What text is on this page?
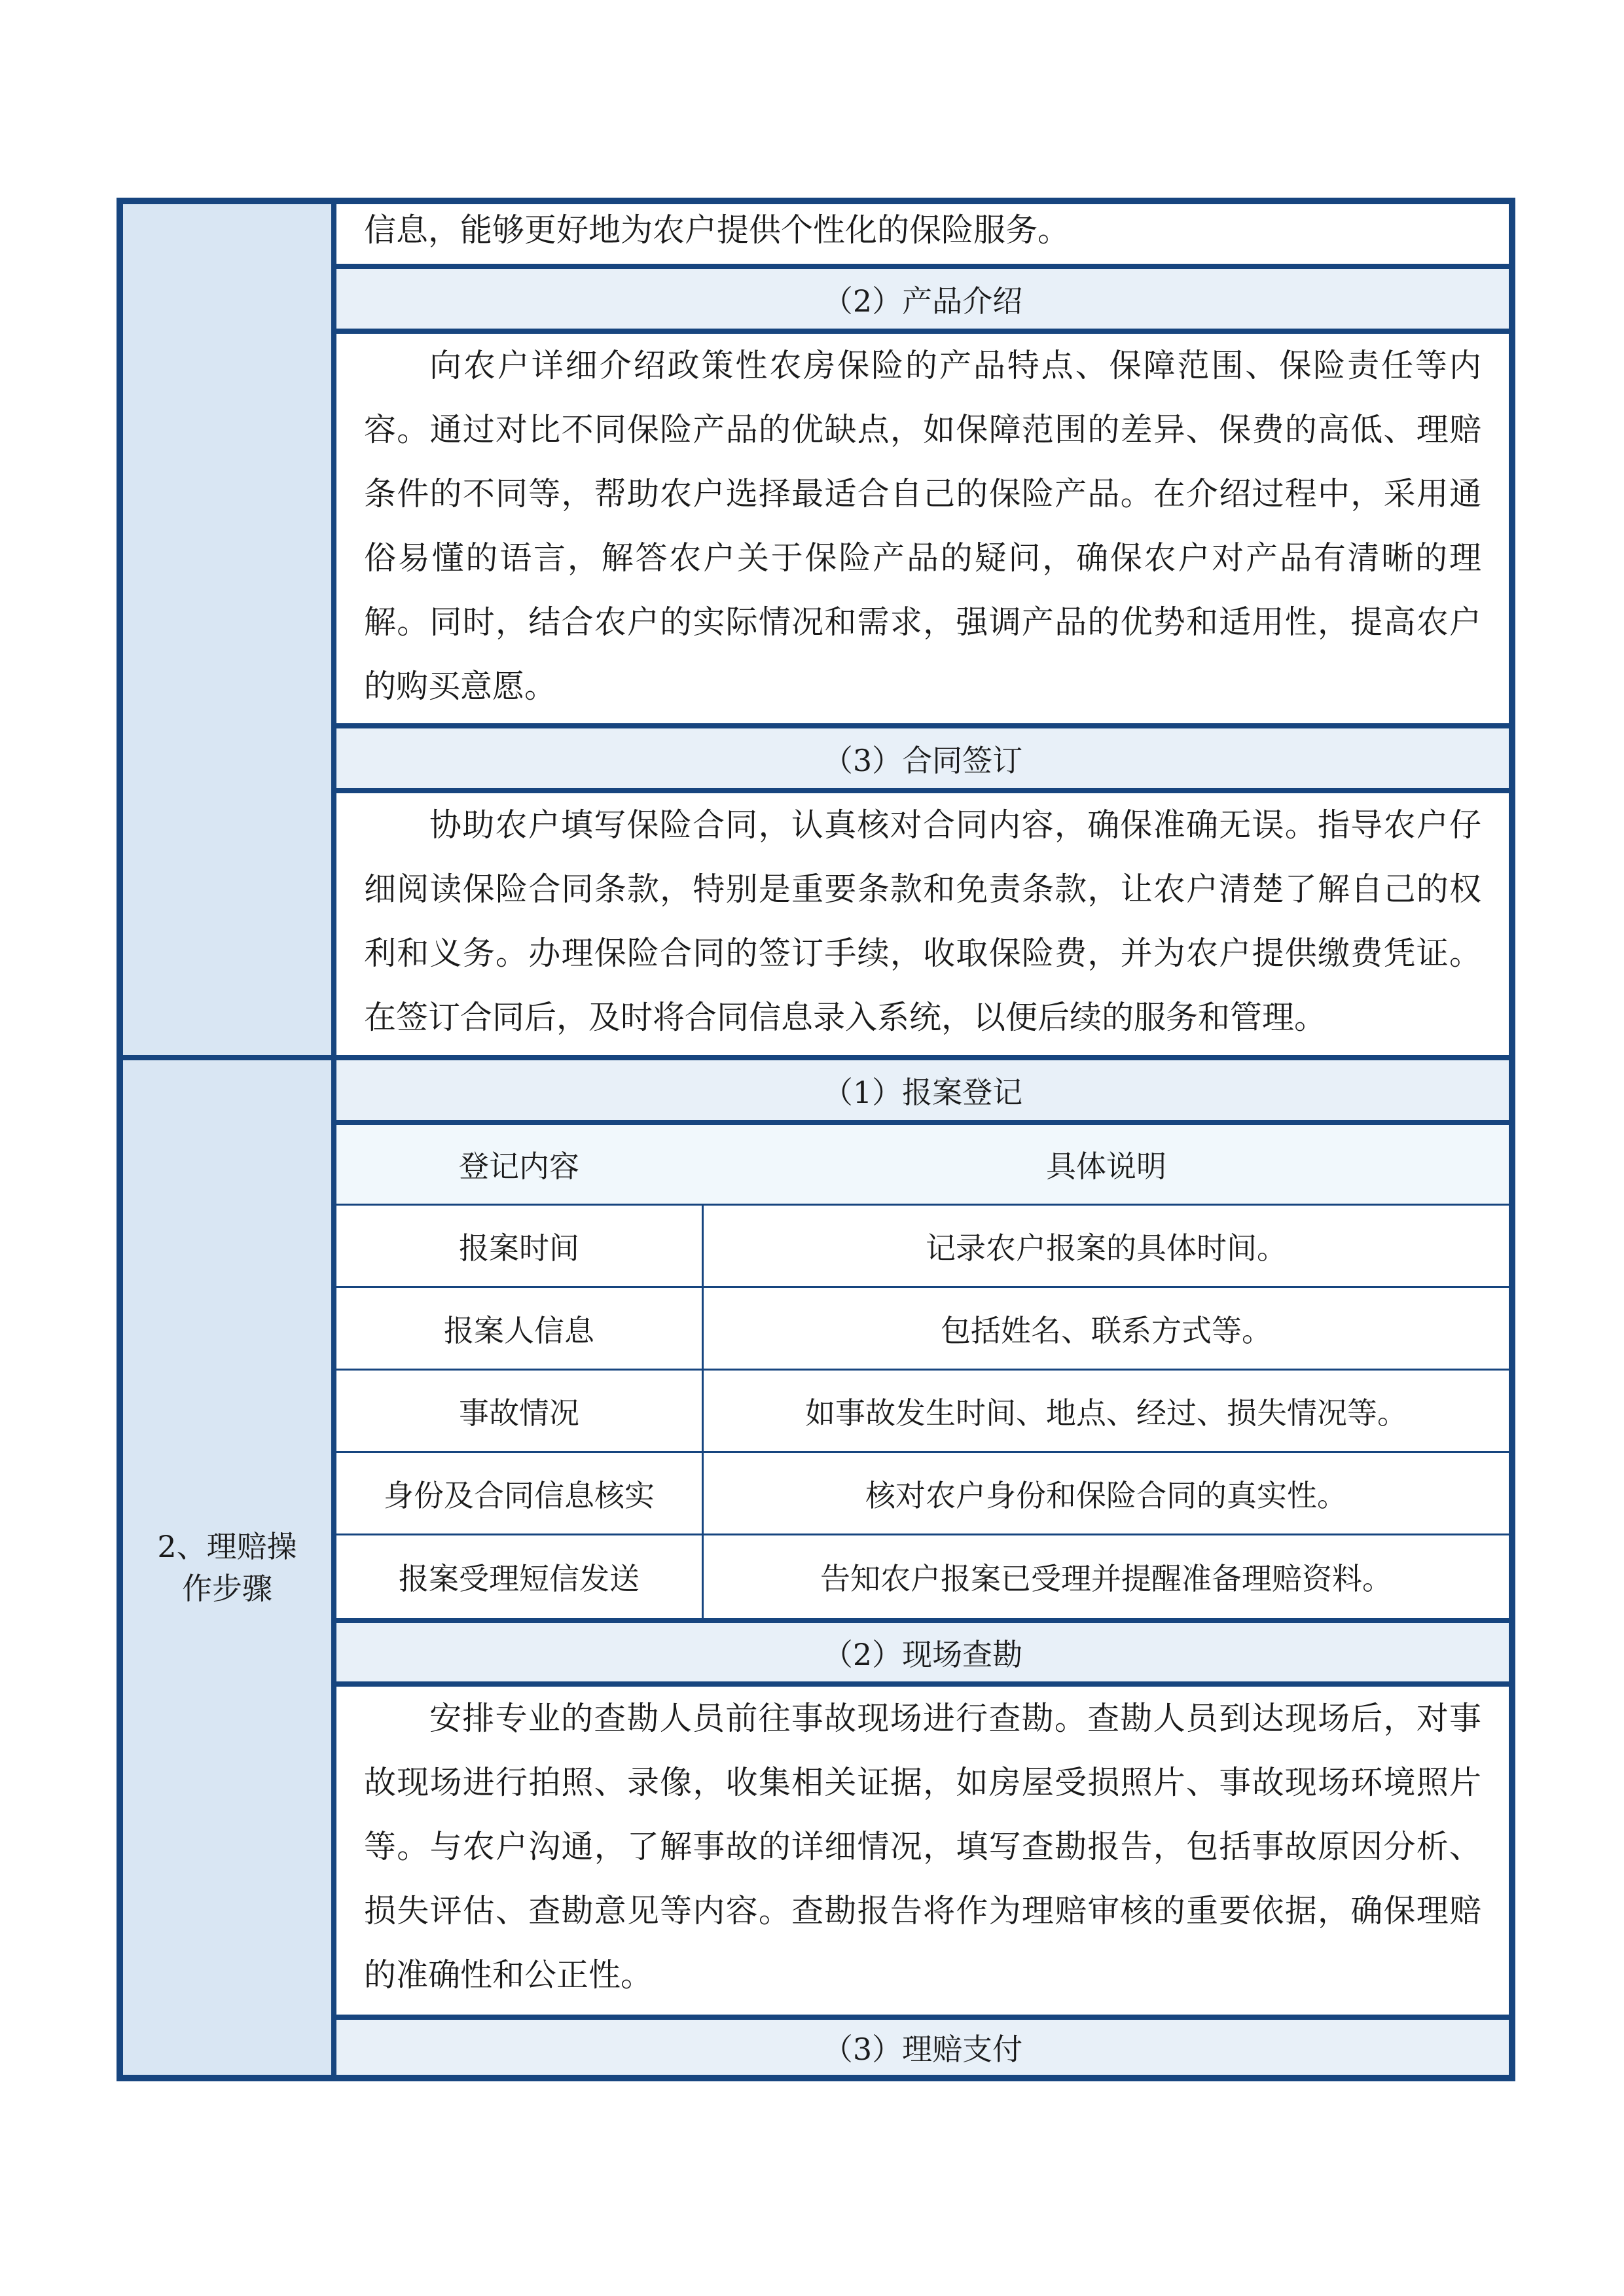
2、理赔操
作步骤
信息，能够更好地为农户提供个性化的保险服务。
（2）产品介绍
向农户详细介绍政策性农房保险的产品特点、保障范围、保险责任等内
容。通过对比不同保险产品的优缺点，如保障范围的差异、保费的高低、理赔
条件的不同等，帮助农户选择最适合自己的保险产品。在介绍过程中，采用通
俗易懂的语言，解答农户关于保险产品的疑问，确保农户对产品有清晰的理
解。同时，结合农户的实际情况和需求，强调产品的优势和适用性，提高农户
的购买意愿。
（3）合同签订
协助农户填写保险合同，认真核对合同内容，确保准确无误。指导农户仔
细阅读保险合同条款，特别是重要条款和免责条款，让农户清楚了解自己的权
利和义务。办理保险合同的签订手续，收取保险费，并为农户提供缴费凭证。
在签订合同后，及时将合同信息录入系统，以便后续的服务和管理。
（1）报案登记
登记内容	具体说明
报案时间	记录农户报案的具体时间。
报案人信息	包括姓名、联系方式等。
事故情况	如事故发生时间、地点、经过、损失情况等。
身份及合同信息核实	核对农户身份和保险合同的真实性。
报案受理短信发送	告知农户报案已受理并提醒准备理赔资料。
（2）现场查勘
安排专业的查勘人员前往事故现场进行查勘。查勘人员到达现场后，对事
故现场进行拍照、录像，收集相关证据，如房屋受损照片、事故现场环境照片
等。与农户沟通，了解事故的详细情况，填写查勘报告，包括事故原因分析、
损失评估、查勘意见等内容。查勘报告将作为理赔审核的重要依据，确保理赔
的准确性和公正性。
（3）理赔支付
